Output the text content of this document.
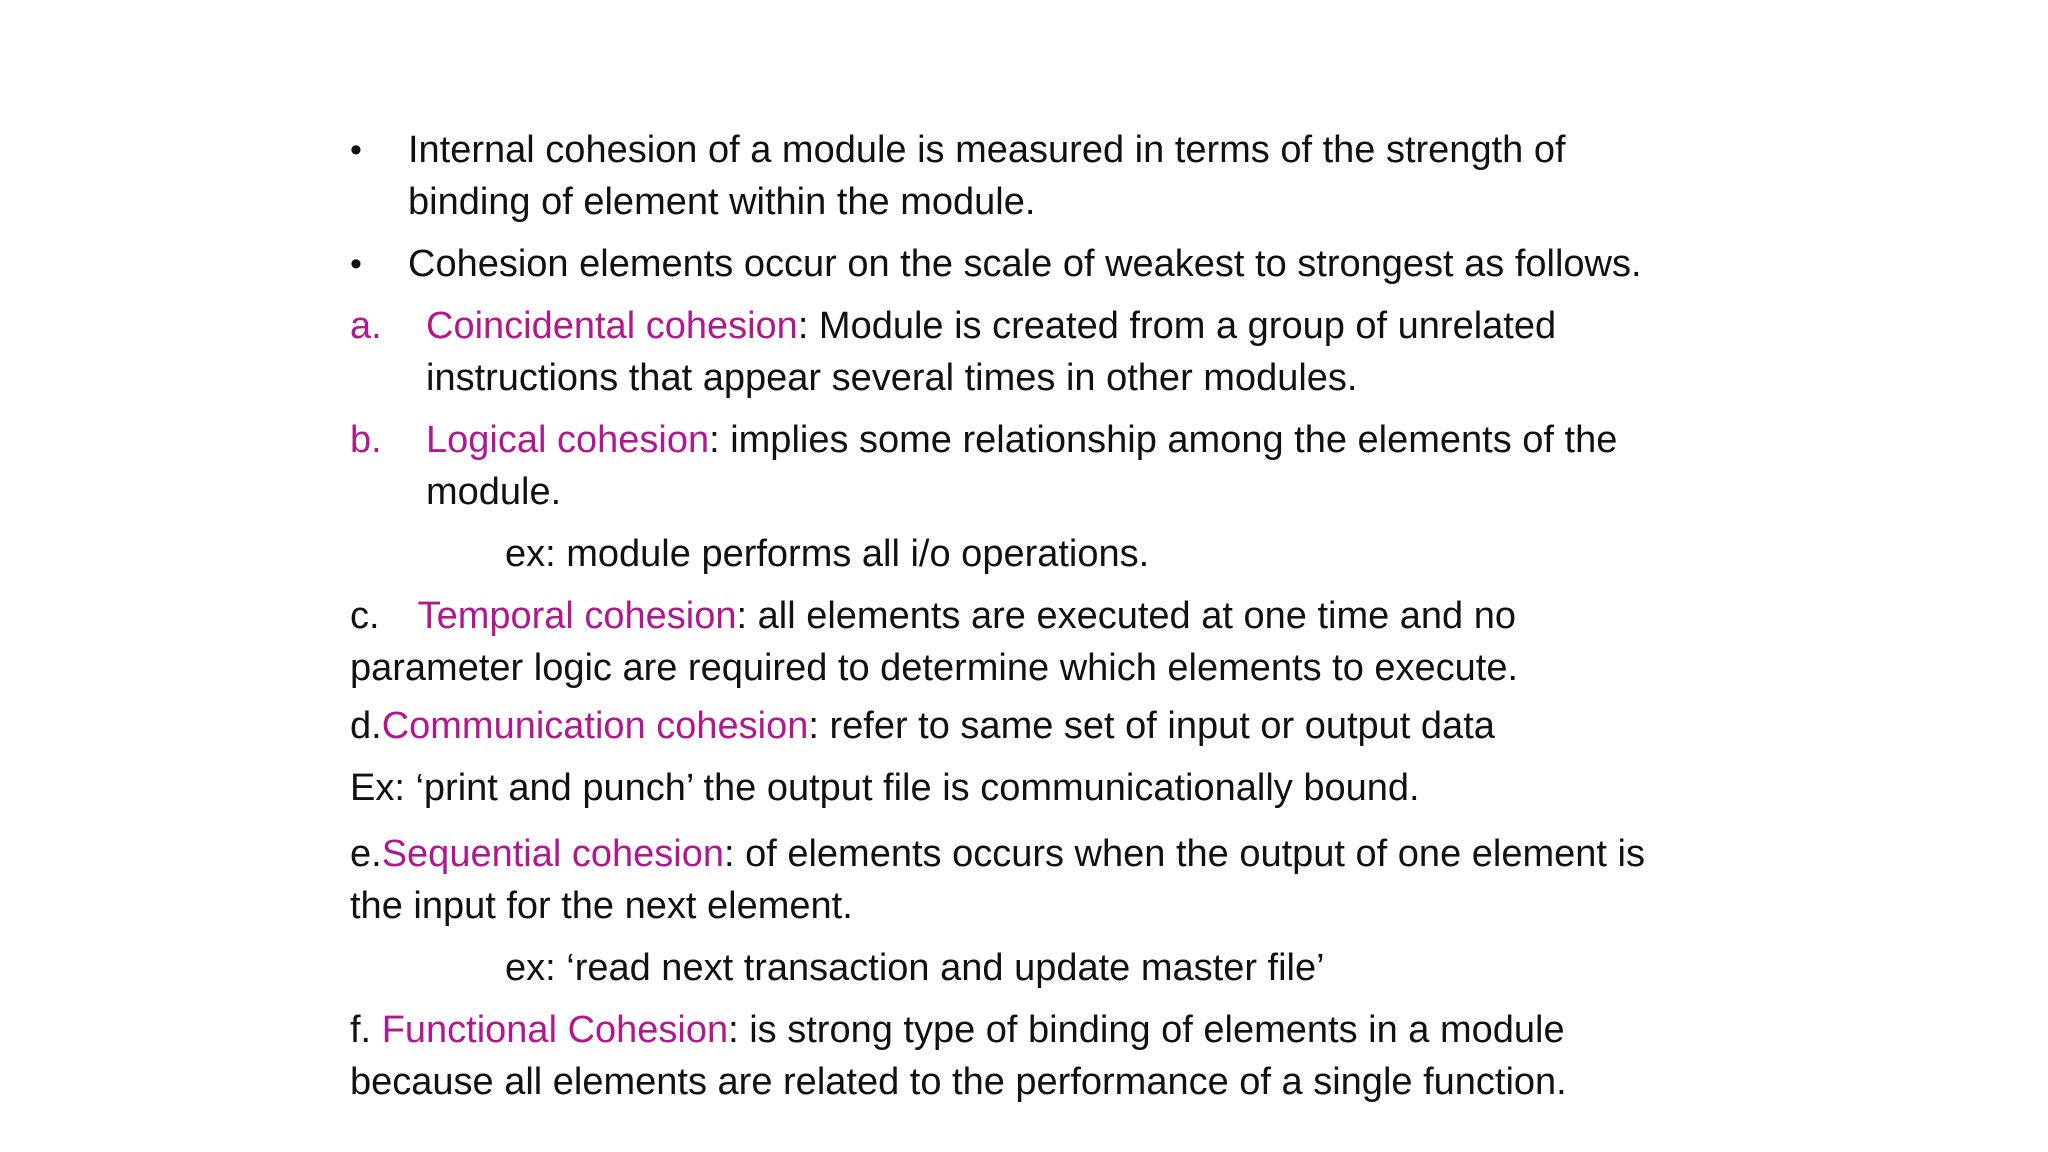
• Internal cohesion of a module is measured in terms of the strength of
binding of element within the module.
• Cohesion elements occur on the scale of weakest to strongest as follows.
a. Coincidental cohesion: Module is created from a group of unrelated
instructions that appear several times in other modules.
b. Logical cohesion: implies some relationship among the elements of the
module.
ex: module performs all i/o operations.
c. Temporal cohesion: all elements are executed at one time and no
parameter logic are required to determine which elements to execute.
d.Communication cohesion: refer to same set of input or output data
Ex: ‘print and punch’ the output file is communicationally bound.
e.Sequential cohesion: of elements occurs when the output of one element is
the input for the next element.
ex: ‘read next transaction and update master file’
f. Functional Cohesion: is strong type of binding of elements in a module
because all elements are related to the performance of a single function.
